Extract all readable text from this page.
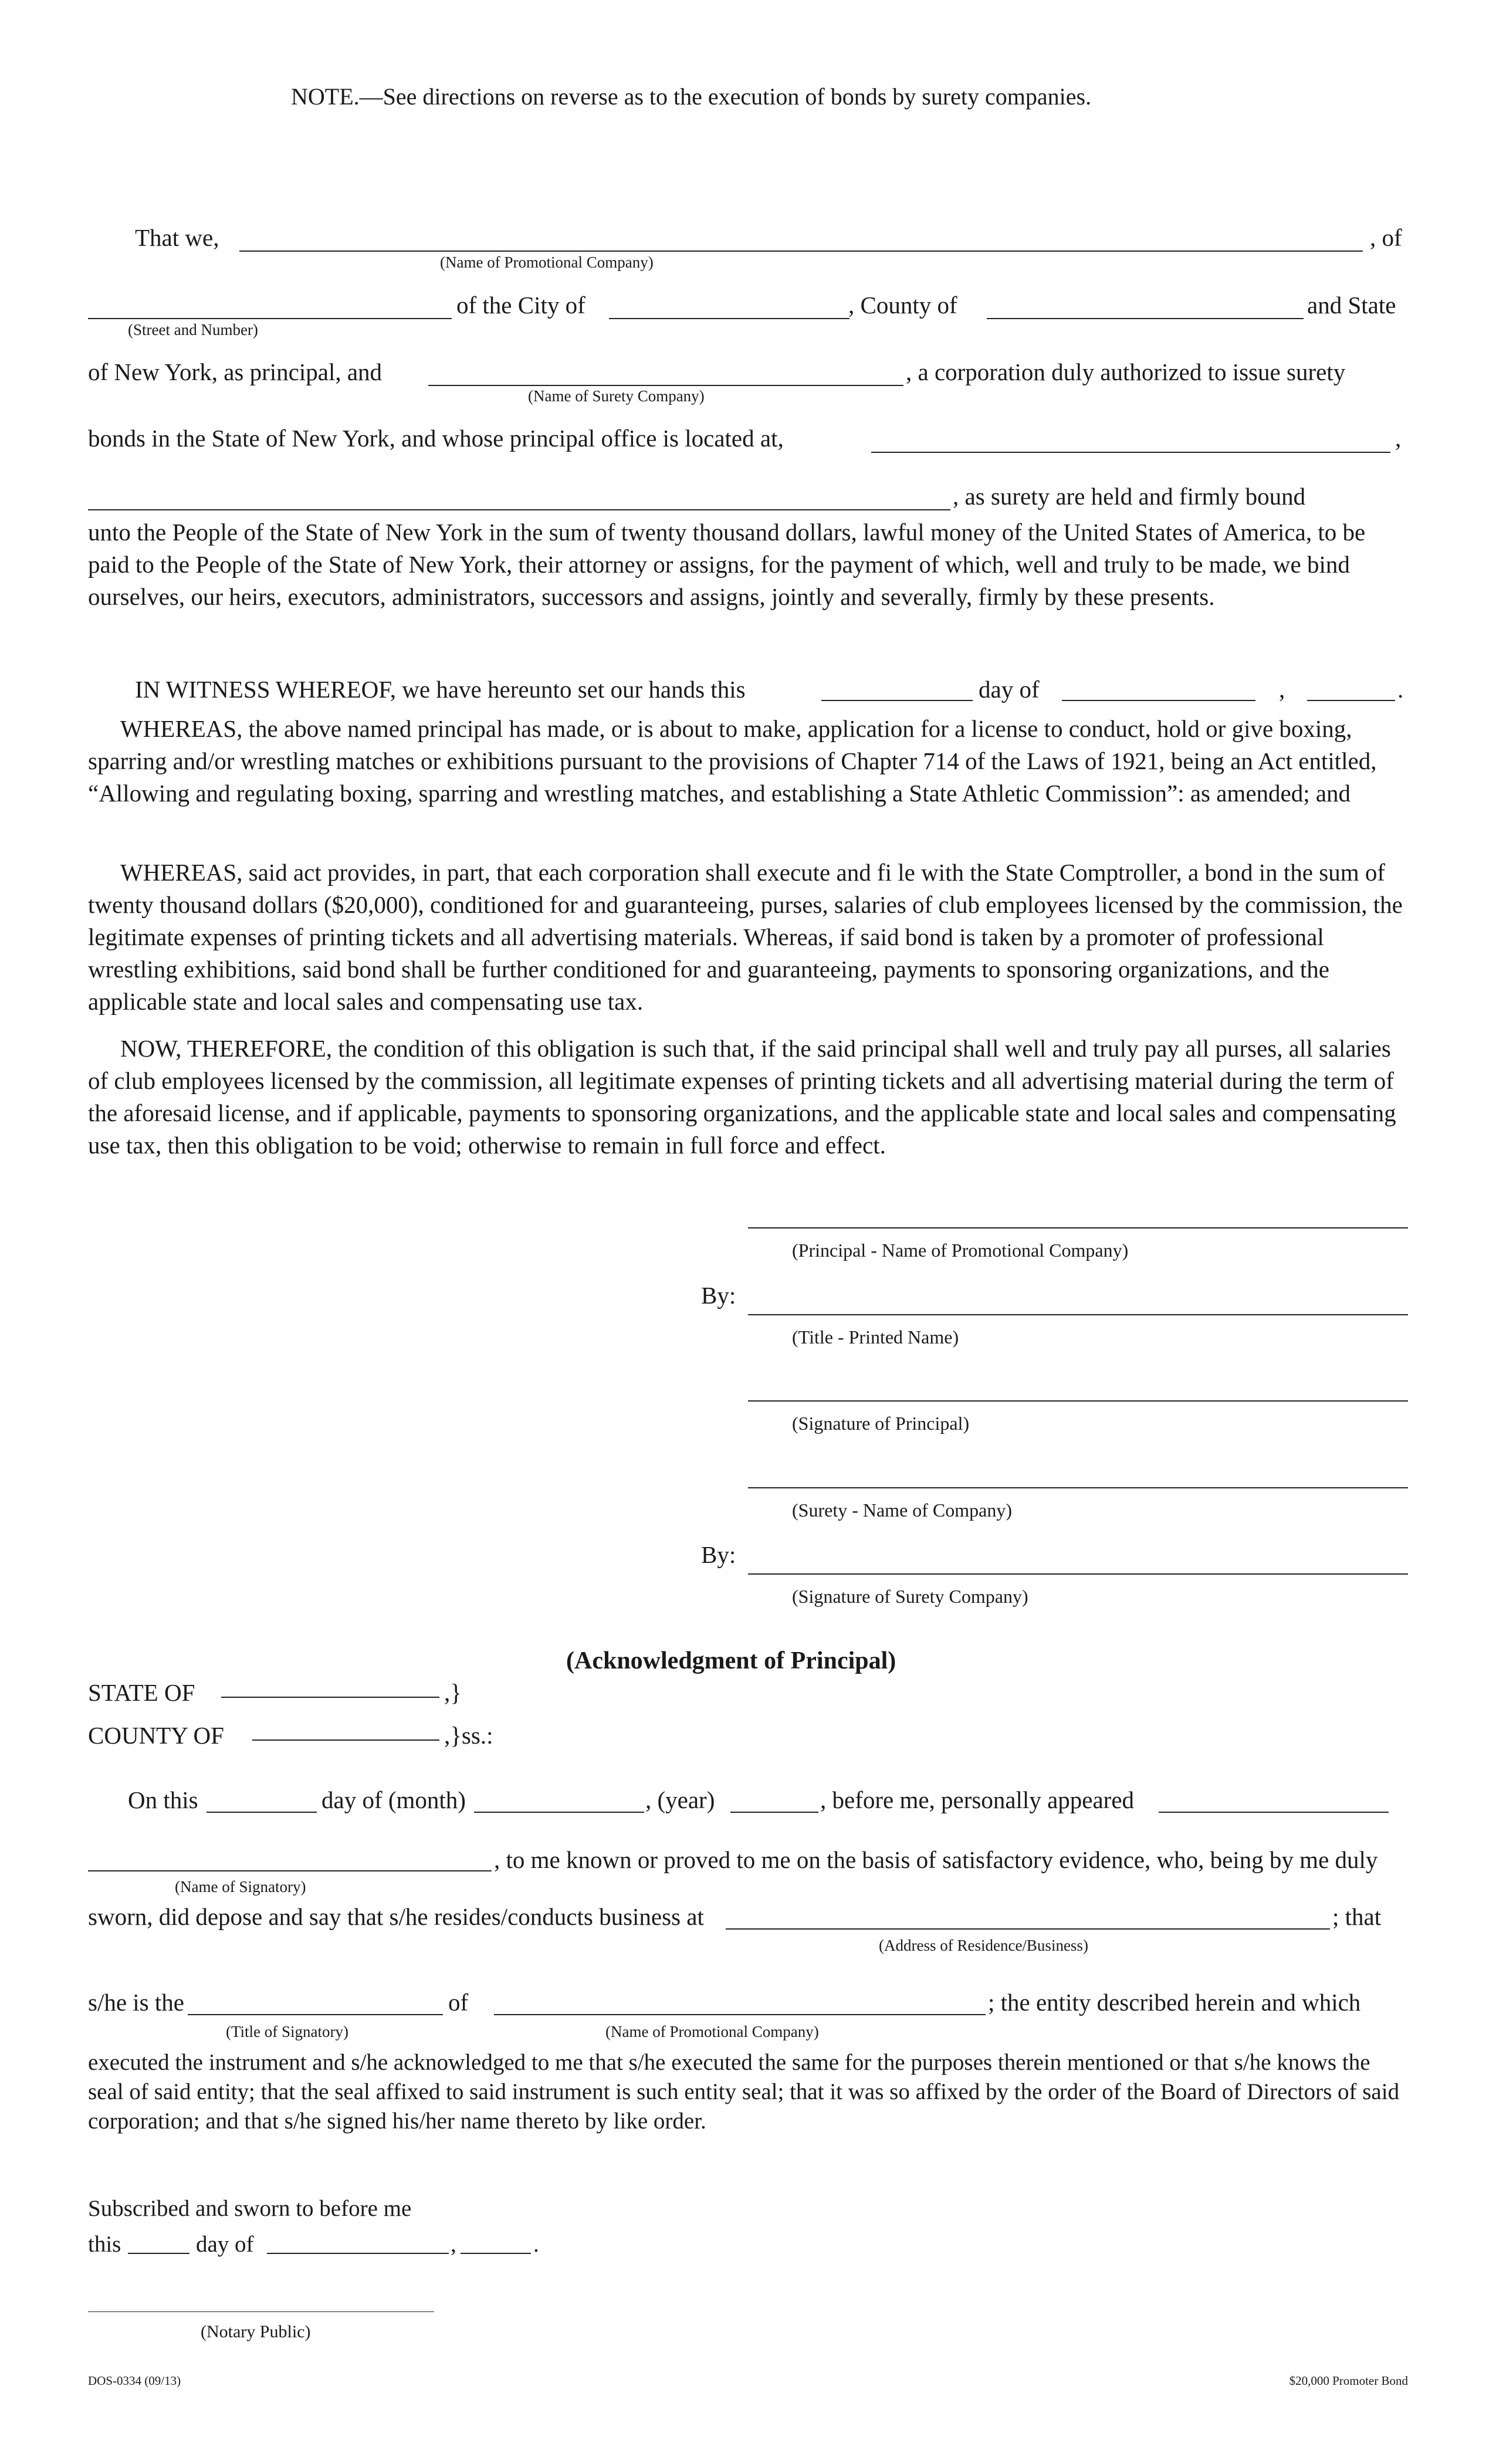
NOTE.—See directions on reverse as to the execution of bonds by surety companies.
That we,	, of
(Name of Promotional Company)
of the City of	, County of	and State
(Street and Number)
of New York, as principal, and	, a corporation duly authorized to issue surety
(Name of Surety Company)
bonds in the State of New York, and whose principal office is located at,	,
, as surety are held and firmly bound

unto the People of the State of New York in the sum of twenty thousand dollars, lawful money of the United States of America, to be paid to the People of the State of New York, their attorney or assigns, for the payment of which, well and truly to be made, we bind ourselves, our heirs, executors, administrators, successors and assigns, jointly and severally, firmly by these presents.

IN WITNESS WHEREOF, we have hereunto set our hands this	day of	,	.

WHEREAS, the above named principal has made, or is about to make, application for a license to conduct, hold or give boxing, sparring and/or wrestling matches or exhibitions pursuant to the provisions of Chapter 714 of the Laws of 1921, being an Act entitled, “Allowing and regulating boxing, sparring and wrestling matches, and establishing a State Athletic Commission”: as amended; and

WHEREAS, said act provides, in part, that each corporation shall execute and fi le with the State Comptroller, a bond in the sum of twenty thousand dollars ($20,000), conditioned for and guaranteeing, purses, salaries of club employees licensed by the commission, the legitimate expenses of printing tickets and all advertising materials. Whereas, if said bond is taken by a promoter of professional wrestling exhibitions, said bond shall be further conditioned for and guaranteeing, payments to sponsoring organizations, and the applicable state and local sales and compensating use tax.

NOW, THEREFORE, the condition of this obligation is such that, if the said principal shall well and truly pay all purses, all salaries of club employees licensed by the commission, all legitimate expenses of printing tickets and all advertising material during the term of the aforesaid license, and if applicable, payments to sponsoring organizations, and the applicable state and local sales and compensating use tax, then this obligation to be void; otherwise to remain in full force and effect.

(Principal - Name of Promotional Company)
By:
(Title - Printed Name)
(Signature of Principal)
(Surety - Name of Company)
By:
(Signature of Surety Company)
(Acknowledgment of Principal)
STATE OF	,}
COUNTY OF	,}ss.:
On this	day of (month)	, (year)	, before me, personally appeared
, to me known or proved to me on the basis of satisfactory evidence, who, being by me duly
(Name of Signatory)
sworn, did depose and say that s/he resides/conducts business at	; that
(Address of Residence/Business)
s/he is the	of	; the entity described herein and which
(Title of Signatory)	(Name of Promotional Company)

executed the instrument and s/he acknowledged to me that s/he executed the same for the purposes therein mentioned or that s/he knows the seal of said entity; that the seal affixed to said instrument is such entity seal; that it was so affixed by the order of the Board of Directors of said corporation; and that s/he signed his/her name thereto by like order.

Subscribed and sworn to before me
this	day of	,	.
(Notary Public)
DOS-0334 (09/13)	$20,000 Promoter Bond
